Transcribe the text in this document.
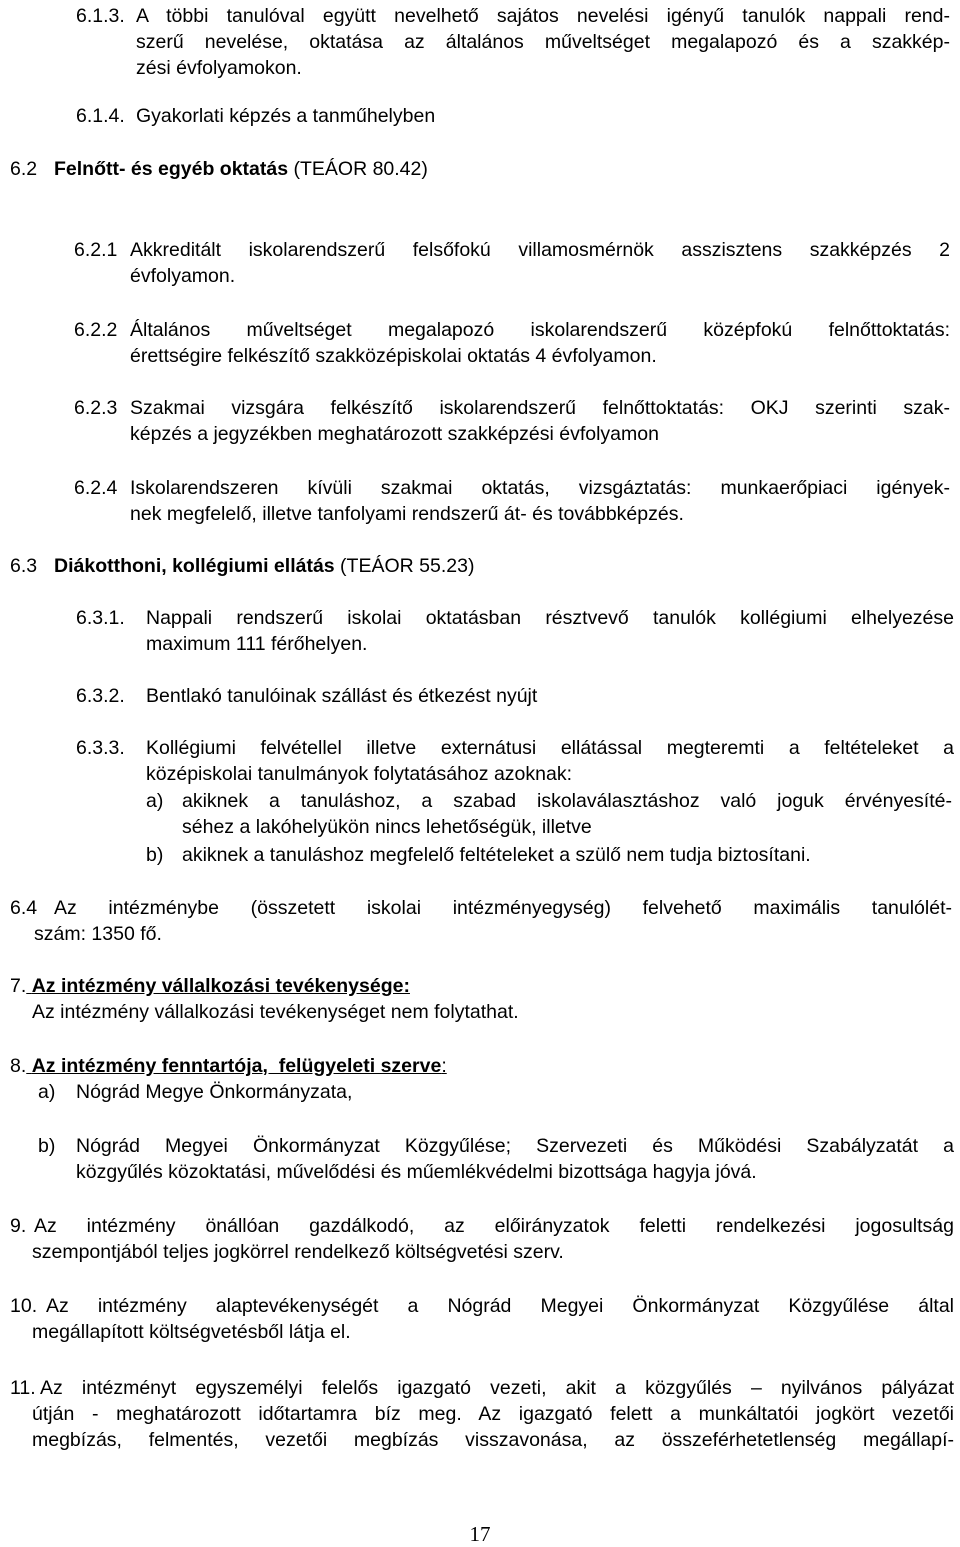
6.1.3. A többi tanulóval együtt nevelhető sajátos nevelési igényű tanulók nappali rend-
szerű nevelése, oktatása az általános műveltséget megalapozó és a szakkép-
zési évfolyamokon.
6.1.4. Gyakorlati képzés a tanműhelyben
6.2 Felnőtt- és egyéb oktatás (TEÁOR 80.42)
6.2.1 Akkreditált iskolarendszerű felsőfokú villamosmérnök asszisztens szakképzés 2
évfolyamon.
6.2.2 Általános műveltséget megalapozó iskolarendszerű középfokú felnőttoktatás:
érettségire felkészítő szakközépiskolai oktatás 4 évfolyamon.
6.2.3 Szakmai vizsgára felkészítő iskolarendszerű felnőttoktatás: OKJ szerinti szak-
képzés a jegyzékben meghatározott szakképzési évfolyamon
6.2.4 Iskolarendszeren kívüli szakmai oktatás, vizsgáztatás: munkaerőpiaci igények-
nek megfelelő, illetve tanfolyami rendszerű át- és továbbképzés.
6.3 Diákotthoni, kollégiumi ellátás (TEÁOR 55.23)
6.3.1. Nappali rendszerű iskolai oktatásban résztvevő tanulók kollégiumi elhelyezése
maximum 111 férőhelyen.
6.3.2. Bentlakó tanulóinak szállást és étkezést nyújt
6.3.3. Kollégiumi felvétellel illetve externátusi ellátással megteremti a feltételeket a
középiskolai tanulmányok folytatásához azoknak:
a) akiknek a tanuláshoz, a szabad iskolaválasztáshoz való joguk érvényesíté-
séhez a lakóhelyükön nincs lehetőségük, illetve
b) akiknek a tanuláshoz megfelelő feltételeket a szülő nem tudja biztosítani.
6.4 Az intézménybe (összetett iskolai intézményegység) felvehető maximális tanulólét-
szám: 1350 fő.
7. Az intézmény vállalkozási tevékenysége:
Az intézmény vállalkozási tevékenységet nem folytathat.
8. Az intézmény fenntartója,  felügyeleti szerve:
a) Nógrád Megye Önkormányzata,
b) Nógrád Megyei Önkormányzat Közgyűlése; Szervezeti és Működési Szabályzatát a
közgyűlés közoktatási, művelődési és műemlékvédelmi bizottsága hagyja jóvá.
9. Az intézmény önállóan gazdálkodó, az előirányzatok feletti rendelkezési jogosultság
szempontjából teljes jogkörrel rendelkező költségvetési szerv.
10. Az intézmény alaptevékenységét a Nógrád Megyei Önkormányzat Közgyűlése által
megállapított költségvetésből látja el.
11. Az intézményt egyszemélyi felelős igazgató vezeti, akit a közgyűlés – nyilvános pályázat
útján - meghatározott időtartamra bíz meg. Az igazgató felett a munkáltatói jogkört vezetői
megbízás, felmentés, vezetői megbízás visszavonása, az összeférhetetlenség megállapí-
17
